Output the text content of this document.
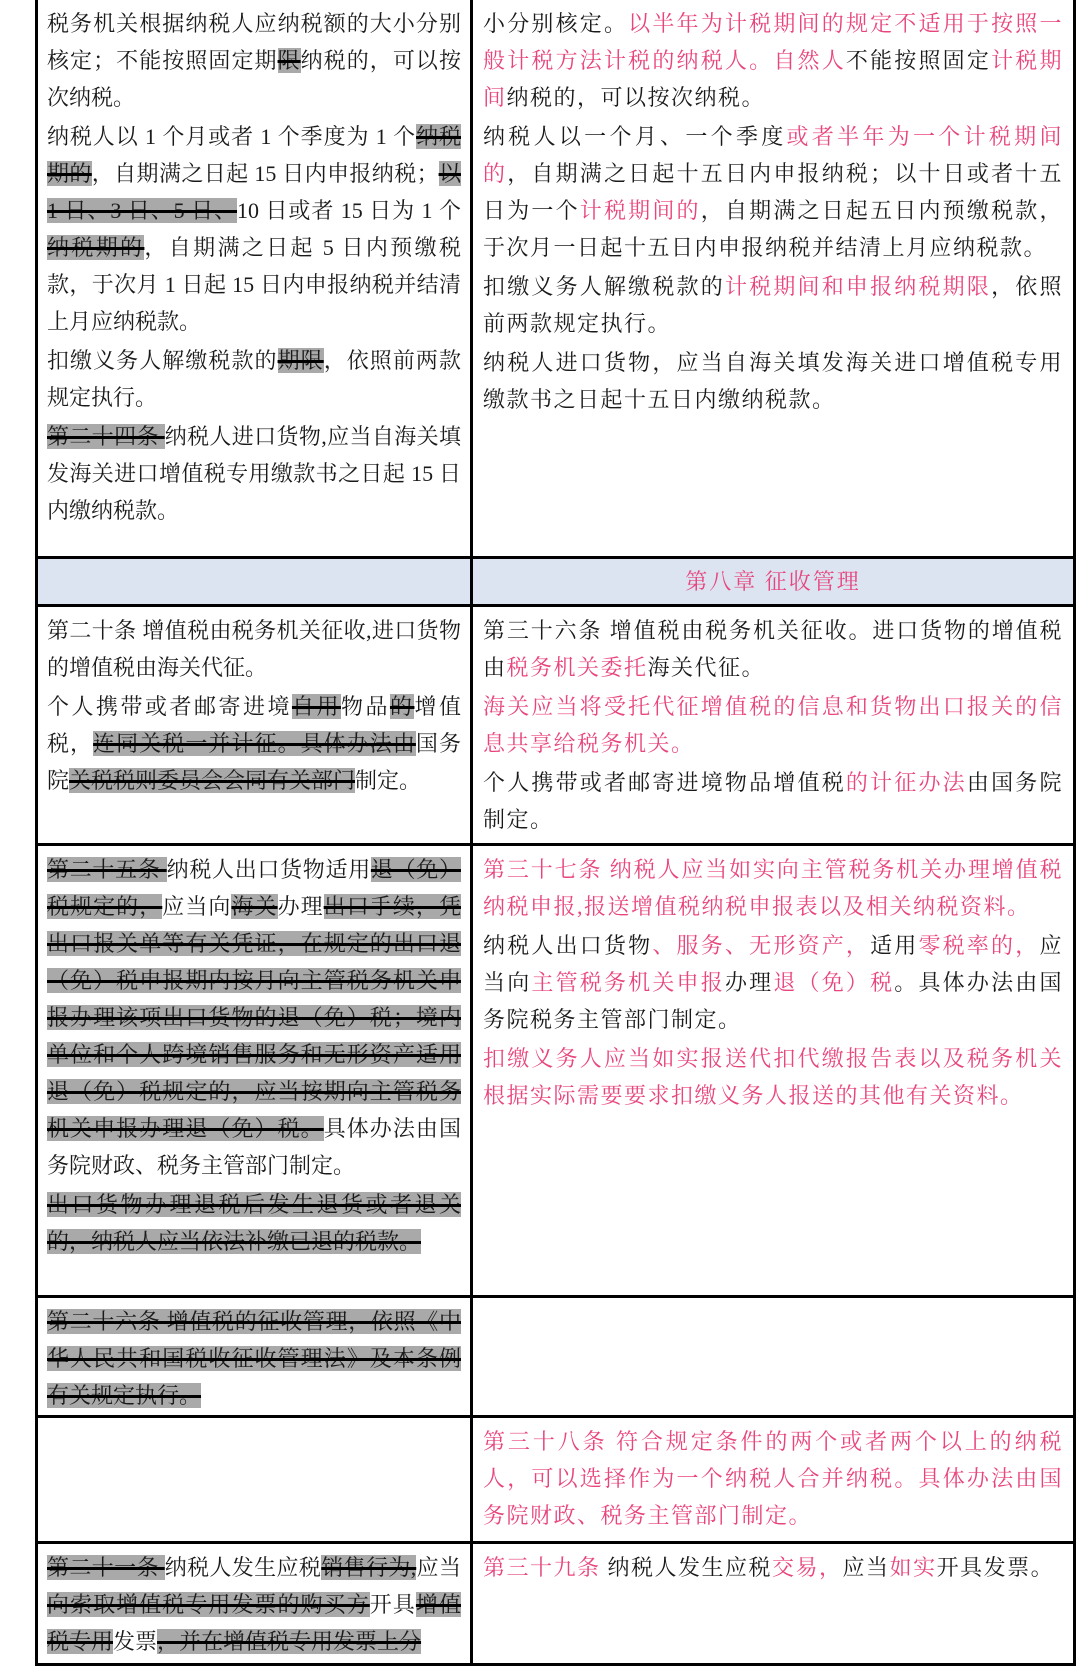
税务机关根据纳税人应纳税额的大小分别核定；不能按照固定期限纳税的，可以按次纳税。

纳税人以 1 个月或者 1 个季度为 1 个纳税期的，自期满之日起 15 日内申报纳税；以 1 日、3 日、5 日、10 日或者 15 日为 1 个纳税期的，自期满之日起 5 日内预缴税款，于次月 1 日起 15 日内申报纳税并结清上月应纳税款。

扣缴义务人解缴税款的期限，依照前两款规定执行。

第二十四条 纳税人进口货物,应当自海关填发海关进口增值税专用缴款书之日起 15 日内缴纳税款。

小分别核定。以半年为计税期间的规定不适用于按照一般计税方法计税的纳税人。自然人不能按照固定计税期间纳税的，可以按次纳税。

纳税人以一个月、一个季度或者半年为一个计税期间的，自期满之日起十五日内申报纳税；以十日或者十五日为一个计税期间的，自期满之日起五日内预缴税款，于次月一日起十五日内申报纳税并结清上月应纳税款。

扣缴义务人解缴税款的计税期间和申报纳税期限，依照前两款规定执行。

纳税人进口货物，应当自海关填发海关进口增值税专用缴款书之日起十五日内缴纳税款。

第八章 征收管理

第二十条 增值税由税务机关征收,进口货物的增值税由海关代征。

个人携带或者邮寄进境自用物品的增值税，连同关税一并计征。具体办法由国务院关税税则委员会会同有关部门制定。

第三十六条 增值税由税务机关征收。进口货物的增值税由税务机关委托海关代征。

海关应当将受托代征增值税的信息和货物出口报关的信息共享给税务机关。

个人携带或者邮寄进境物品增值税的计征办法由国务院制定。

第二十五条 纳税人出口货物适用退（免）税规定的，应当向海关办理出口手续，凭出口报关单等有关凭证，在规定的出口退（免）税申报期内按月向主管税务机关申报办理该项出口货物的退（免）税；境内单位和个人跨境销售服务和无形资产适用退（免）税规定的，应当按期向主管税务机关申报办理退（免）税。具体办法由国务院财政、税务主管部门制定。

出口货物办理退税后发生退货或者退关的，纳税人应当依法补缴已退的税款。

第三十七条 纳税人应当如实向主管税务机关办理增值税纳税申报,报送增值税纳税申报表以及相关纳税资料。

纳税人出口货物、服务、无形资产，适用零税率的，应当向主管税务机关申报办理退（免）税。具体办法由国务院税务主管部门制定。

扣缴义务人应当如实报送代扣代缴报告表以及税务机关根据实际需要要求扣缴义务人报送的其他有关资料。

第二十六条 增值税的征收管理，依照《中华人民共和国税收征收管理法》及本条例有关规定执行。

第三十八条 符合规定条件的两个或者两个以上的纳税人，可以选择作为一个纳税人合并纳税。具体办法由国务院财政、税务主管部门制定。

第二十一条 纳税人发生应税销售行为,应当向索取增值税专用发票的购买方开具增值税专用发票，并在增值税专用发票上分

第三十九条 纳税人发生应税交易，应当如实开具发票。
